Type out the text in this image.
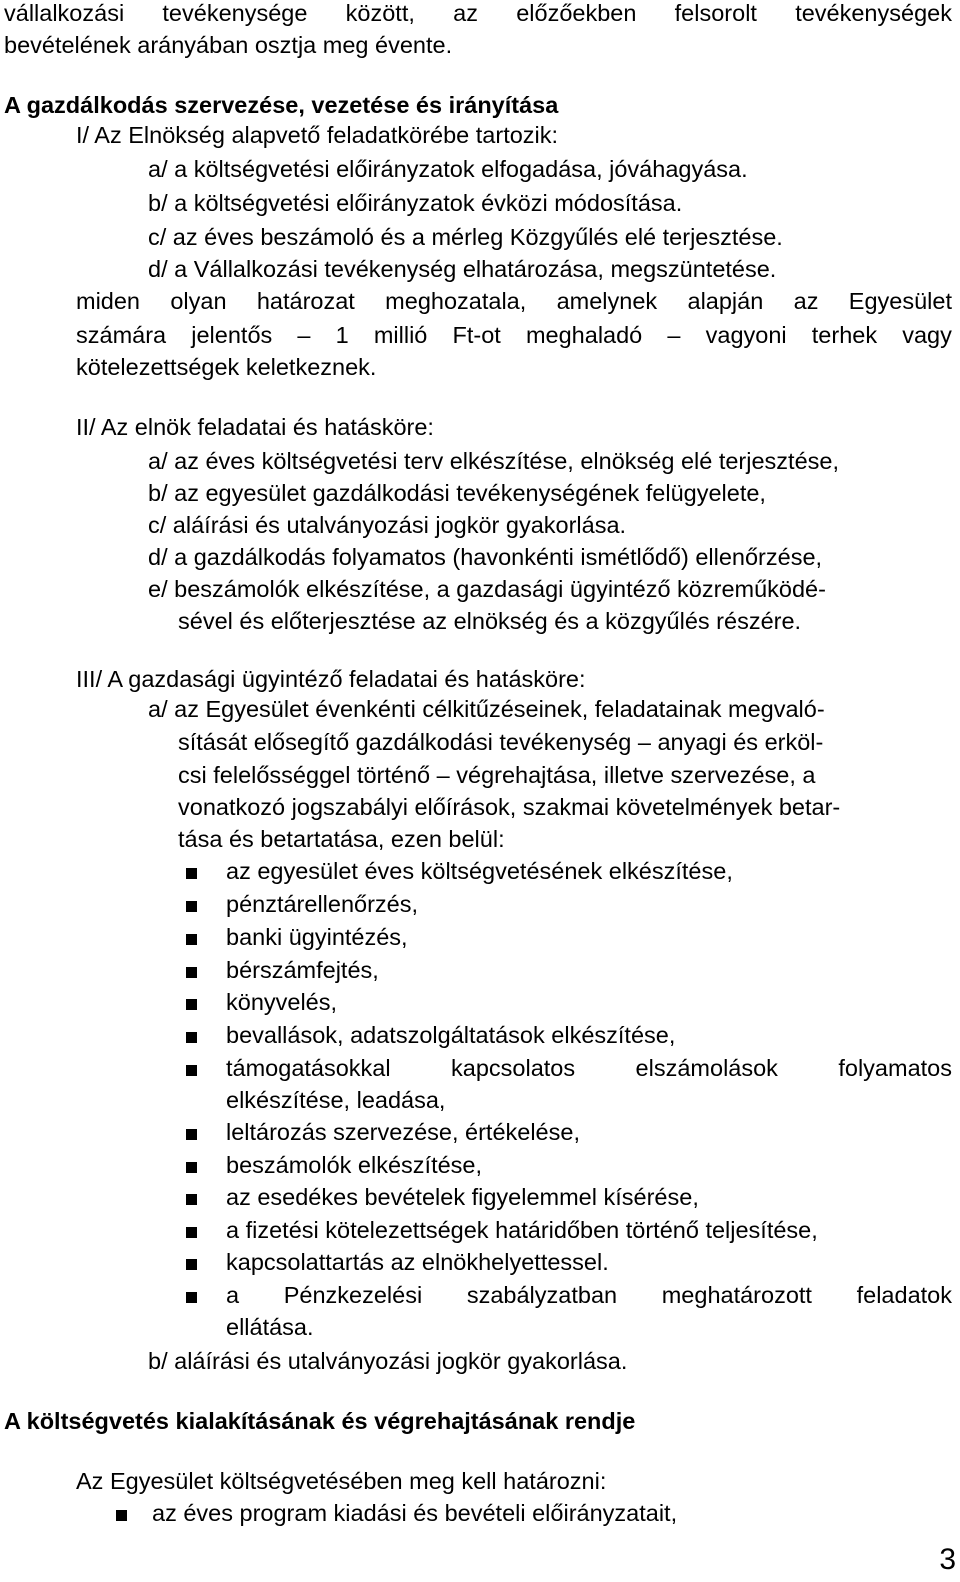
vállalkozási tevékenysége között, az előzőekben felsorolt tevékenységek
bevételének arányában osztja meg évente.
A gazdálkodás szervezése, vezetése és irányítása
I/ Az Elnökség alapvető feladatkörébe tartozik:
a/ a költségvetési előirányzatok elfogadása, jóváhagyása.
b/ a költségvetési előirányzatok évközi módosítása.
c/ az éves beszámoló és a mérleg Közgyűlés elé terjesztése.
d/ a Vállalkozási tevékenység elhatározása, megszüntetése.
miden olyan határozat meghozatala, amelynek alapján az Egyesület
számára jelentős – 1 millió Ft-ot meghaladó – vagyoni terhek vagy
kötelezettségek keletkeznek.
II/ Az elnök feladatai és hatásköre:
a/ az éves költségvetési terv elkészítése, elnökség elé terjesztése,
b/ az egyesület gazdálkodási tevékenységének felügyelete,
c/ aláírási és utalványozási jogkör gyakorlása.
d/ a gazdálkodás folyamatos (havonkénti ismétlődő) ellenőrzése,
e/ beszámolók elkészítése, a gazdasági ügyintéző közreműködé-
sével és előterjesztése az elnökség és a közgyűlés részére.
III/ A gazdasági ügyintéző feladatai és hatásköre:
a/ az Egyesület évenkénti célkitűzéseinek, feladatainak megvaló-
sítását elősegítő gazdálkodási tevékenység – anyagi és erköl-
csi felelősséggel történő – végrehajtása, illetve szervezése, a
vonatkozó jogszabályi előírások, szakmai követelmények betar-
tása és betartatása, ezen belül:
az egyesület éves költségvetésének elkészítése,
pénztárellenőrzés,
banki ügyintézés,
bérszámfejtés,
könyvelés,
bevallások, adatszolgáltatások elkészítése,
támogatásokkal kapcsolatos elszámolások folyamatos
elkészítése, leadása,
leltározás szervezése, értékelése,
beszámolók elkészítése,
az esedékes bevételek figyelemmel kísérése,
a fizetési kötelezettségek határidőben történő teljesítése,
kapcsolattartás az elnökhelyettessel.
a Pénzkezelési szabályzatban meghatározott feladatok
ellátása.
b/ aláírási és utalványozási jogkör gyakorlása.
A költségvetés kialakításának és végrehajtásának rendje
Az Egyesület költségvetésében meg kell határozni:
az éves program kiadási és bevételi előirányzatait,
3
